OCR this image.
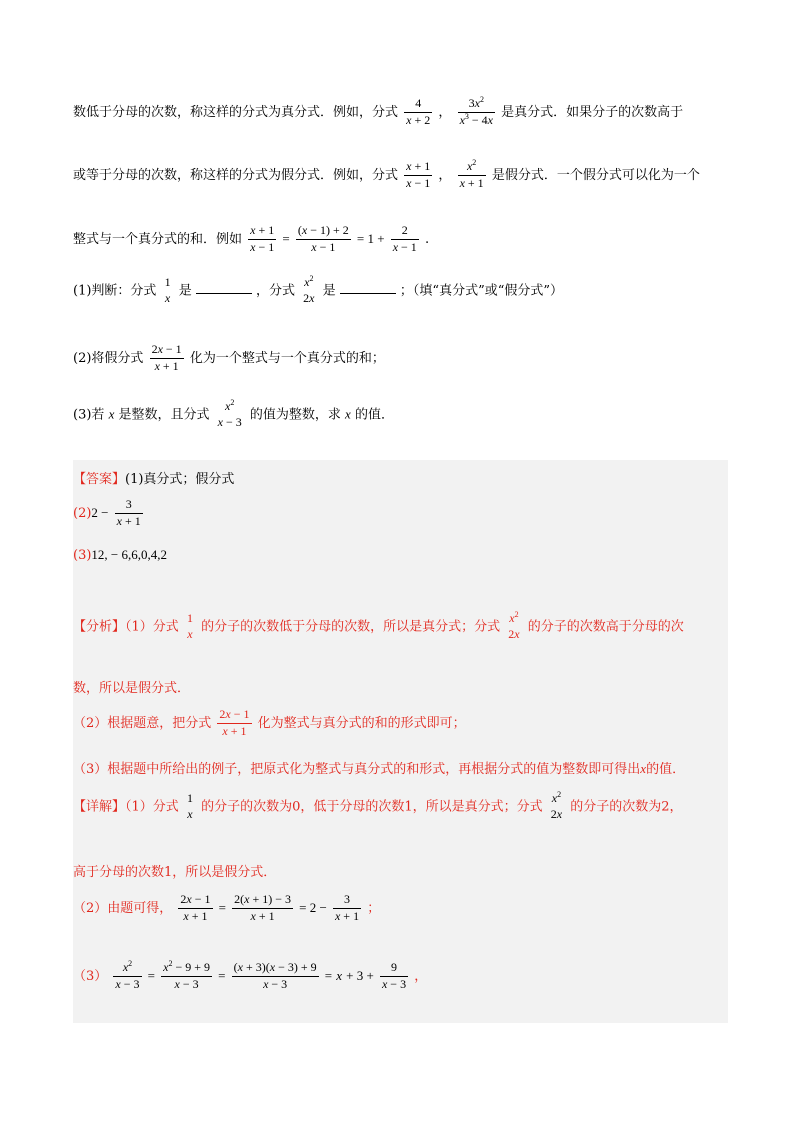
数低于分母的次数，称这样的分式为真分式．例如，分式 $\frac{4}{x + 2}$ ， $\frac{3x^2}{x^3 - 4x}$ 是真分式．如果分子的次数高于
或等于分母的次数，称这样的分式为假分式．例如，分式 $\frac{x + 1}{x - 1}$ ， $\frac{x^2}{x + 1}$ 是假分式．一个假分式可以化为一个
整式与一个真分式的和．例如 $\frac{x + 1}{x - 1} = \frac{(x - 1) + 2}{x - 1} = 1 + \frac{2}{x - 1}$ .
(1)判断：分式
1
x 是	，分式
$x^2$
2x 是	；（填“真分式”或“假分式”）
(2)将假分式 $\frac{2x - 1}{x + 1}$ 化为一个整式与一个真分式的和；
(3)若 x 是整数，且分式
$x^2$
x − 3 的值为整数，求 x 的值．
【答案】(1)真分式；假分式
$(2)2 - \frac{3}{x + 1}$
(3)12, − 6,6,0,4,2
【分析】（1）分式
1
x 的分子的次数低于分母的次数，所以是真分式；分式
$x^2$
2x 的分子的次数高于分母的次
数，所以是假分式．
（2）根据题意，把分式 $\frac{2x - 1}{x + 1}$ 化为整式与真分式的和的形式即可；
（3）根据题中所给出的例子，把原式化为整式与真分式的和形式，再根据分式的值为整数即可得出x的值．
【详解】（1）分式
1
x 的分子的次数为0，低于分母的次数1，所以是真分式；分式
$x^2$
2x 的分子的次数为2，
高于分母的次数1，所以是假分式．
（2）由题可得， $\frac{2x - 1}{x + 1} = \frac{2(x + 1) - 3}{x + 1} = 2 - \frac{3}{x + 1}$ ；
$(3) \frac{x^2}{x - 3} = \frac{x^2 - 9 + 9}{x - 3} = \frac{(x + 3)(x - 3) + 9}{x - 3} = x + 3 + \frac{9}{x - 3}$ ，
